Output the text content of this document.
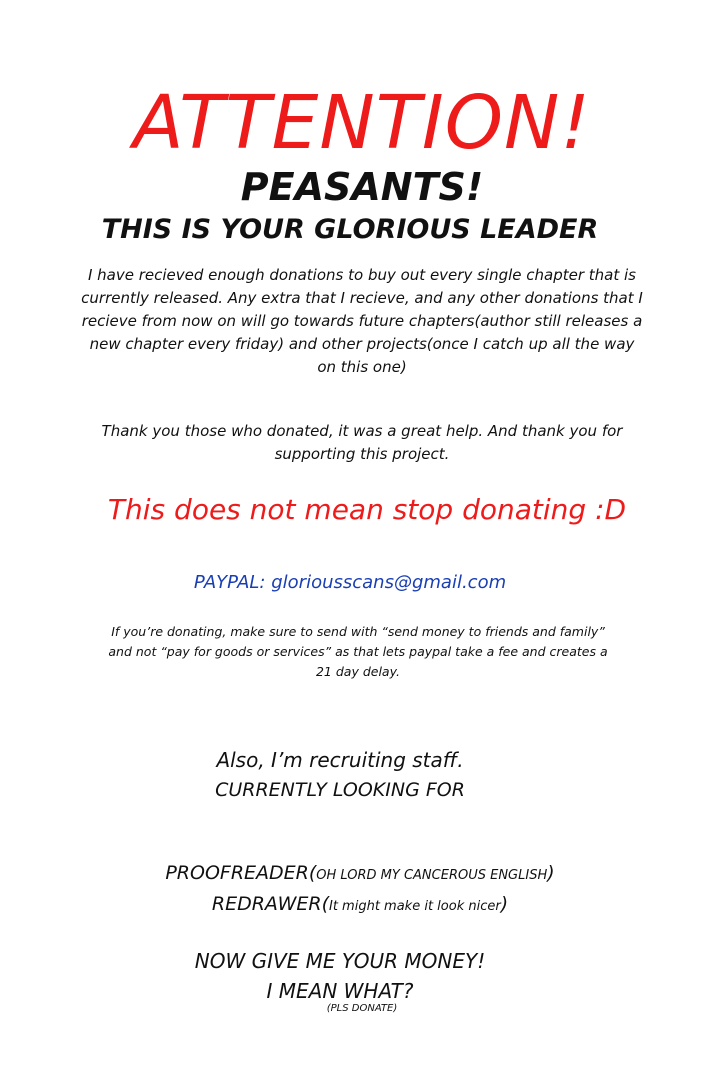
ATTENTION!
PEASANTS!
THIS IS YOUR GLORIOUS LEADER

I have recieved enough donations to buy out every single chapter that is currently released. Any extra that I recieve, and any other donations that I recieve from now on will go towards future chapters(author still releases a new chapter every friday) and other projects(once I catch up all the way on this one)

Thank you those who donated, it was a great help. And thank you for supporting this project.

This does not mean stop donating :D

PAYPAL: gloriousscans@gmail.com

If you’re donating, make sure to send with “send money to friends and family” and not “pay for goods or services” as that lets paypal take a fee and creates a 21 day delay.

Also, I’m recruiting staff.
CURRENTLY LOOKING FOR
PROOFREADER(OH LORD MY CANCEROUS ENGLISH)
REDRAWER(It might make it look nicer)
NOW GIVE ME YOUR MONEY!
I MEAN WHAT?
(PLS DONATE)
